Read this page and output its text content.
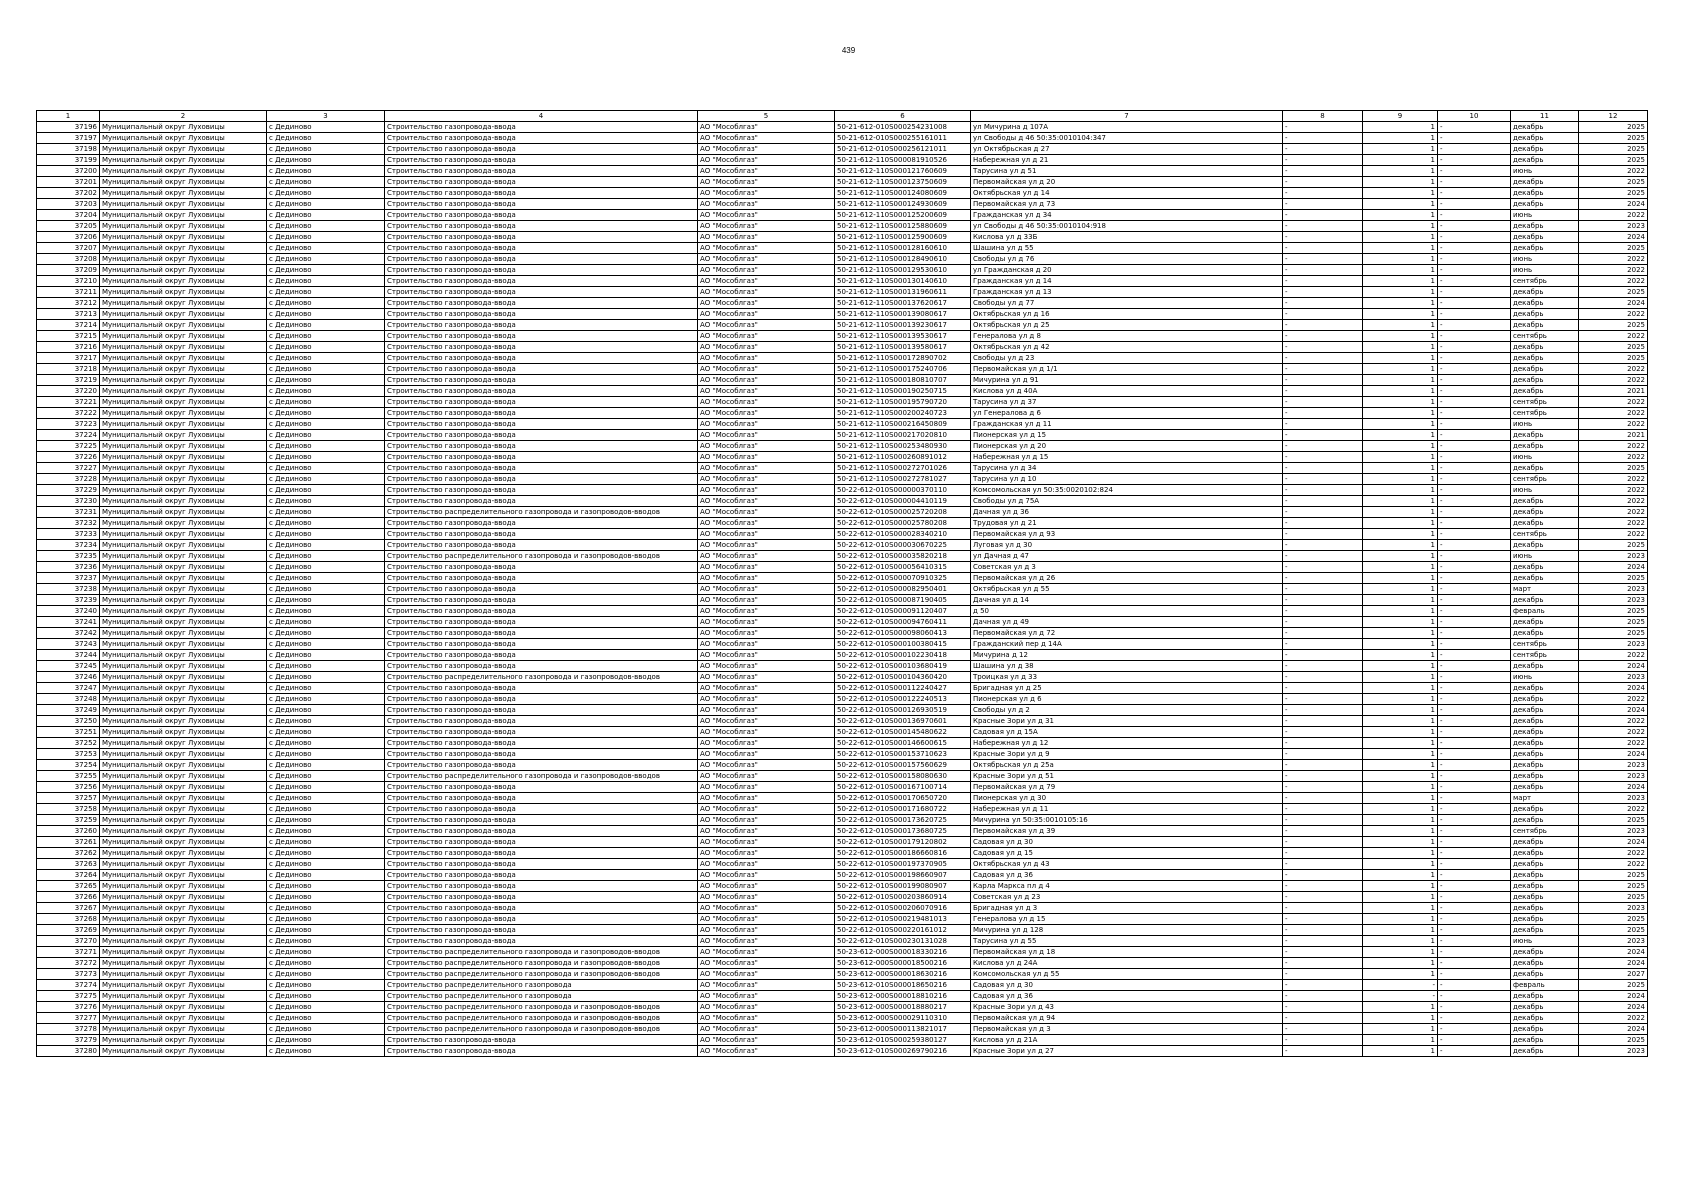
439
1	2	3	4	5	6	7	8	9	10	11	12
37196	Муниципальный округ Луховицы	с Дединово	Строительство газопровода-ввода	АО "Мособлгаз"	50-21-612-010S000254231008	ул Мичурина д 107А	-	1	-	декабрь	2025
37197	Муниципальный округ Луховицы	с Дединово	Строительство газопровода-ввода	АО "Мособлгаз"	50-21-612-010S000255161011	ул Свободы д 46 50:35:0010104:347	-	1	-	декабрь	2025
37198	Муниципальный округ Луховицы	с Дединово	Строительство газопровода-ввода	АО "Мособлгаз"	50-21-612-010S000256121011	ул Октябрьская д 27	-	1	-	декабрь	2025
37199	Муниципальный округ Луховицы	с Дединово	Строительство газопровода-ввода	АО "Мособлгаз"	50-21-612-110S000081910526	Набережная ул д 21	-	1	-	декабрь	2025
37200	Муниципальный округ Луховицы	с Дединово	Строительство газопровода-ввода	АО "Мособлгаз"	50-21-612-110S000121760609	Тарусина ул д 51	-	1	-	июнь	2022
37201	Муниципальный округ Луховицы	с Дединово	Строительство газопровода-ввода	АО "Мособлгаз"	50-21-612-110S000123750609	Первомайская ул д 20	-	1	-	декабрь	2025
37202	Муниципальный округ Луховицы	с Дединово	Строительство газопровода-ввода	АО "Мособлгаз"	50-21-612-110S000124080609	Октябрьская ул д 14	-	1	-	декабрь	2025
37203	Муниципальный округ Луховицы	с Дединово	Строительство газопровода-ввода	АО "Мособлгаз"	50-21-612-110S000124930609	Первомайская ул д 73	-	1	-	декабрь	2024
37204	Муниципальный округ Луховицы	с Дединово	Строительство газопровода-ввода	АО "Мособлгаз"	50-21-612-110S000125200609	Гражданская ул д 34	-	1	-	июнь	2022
37205	Муниципальный округ Луховицы	с Дединово	Строительство газопровода-ввода	АО "Мособлгаз"	50-21-612-110S000125880609	ул Свободы д 46 50:35:0010104:918	-	1	-	декабрь	2023
37206	Муниципальный округ Луховицы	с Дединово	Строительство газопровода-ввода	АО "Мособлгаз"	50-21-612-110S000125900609	Кислова ул д 33Б	-	1	-	декабрь	2024
37207	Муниципальный округ Луховицы	с Дединово	Строительство газопровода-ввода	АО "Мособлгаз"	50-21-612-110S000128160610	Шашина ул д 55	-	1	-	декабрь	2025
37208	Муниципальный округ Луховицы	с Дединово	Строительство газопровода-ввода	АО "Мособлгаз"	50-21-612-110S000128490610	Свободы ул д 76	-	1	-	июнь	2022
37209	Муниципальный округ Луховицы	с Дединово	Строительство газопровода-ввода	АО "Мособлгаз"	50-21-612-110S000129530610	ул Гражданская д 20	-	1	-	июнь	2022
37210	Муниципальный округ Луховицы	с Дединово	Строительство газопровода-ввода	АО "Мособлгаз"	50-21-612-110S000130140610	Гражданская ул д 14	-	1	-	сентябрь	2022
37211	Муниципальный округ Луховицы	с Дединово	Строительство газопровода-ввода	АО "Мособлгаз"	50-21-612-110S000131960611	Гражданская ул д 13	-	1	-	декабрь	2025
37212	Муниципальный округ Луховицы	с Дединово	Строительство газопровода-ввода	АО "Мособлгаз"	50-21-612-110S000137620617	Свободы ул д 77	-	1	-	декабрь	2024
37213	Муниципальный округ Луховицы	с Дединово	Строительство газопровода-ввода	АО "Мособлгаз"	50-21-612-110S000139080617	Октябрьская ул д 16	-	1	-	декабрь	2022
37214	Муниципальный округ Луховицы	с Дединово	Строительство газопровода-ввода	АО "Мособлгаз"	50-21-612-110S000139230617	Октябрьская ул д 25	-	1	-	декабрь	2025
37215	Муниципальный округ Луховицы	с Дединово	Строительство газопровода-ввода	АО "Мособлгаз"	50-21-612-110S000139530617	Генералова ул д 8	-	1	-	сентябрь	2022
37216	Муниципальный округ Луховицы	с Дединово	Строительство газопровода-ввода	АО "Мособлгаз"	50-21-612-110S000139580617	Октябрьская ул д 42	-	1	-	декабрь	2025
37217	Муниципальный округ Луховицы	с Дединово	Строительство газопровода-ввода	АО "Мособлгаз"	50-21-612-110S000172890702	Свободы ул д 23	-	1	-	декабрь	2025
37218	Муниципальный округ Луховицы	с Дединово	Строительство газопровода-ввода	АО "Мособлгаз"	50-21-612-110S000175240706	Первомайская ул д 1/1	-	1	-	декабрь	2022
37219	Муниципальный округ Луховицы	с Дединово	Строительство газопровода-ввода	АО "Мособлгаз"	50-21-612-110S000180810707	Мичурина ул д 91	-	1	-	декабрь	2022
37220	Муниципальный округ Луховицы	с Дединово	Строительство газопровода-ввода	АО "Мособлгаз"	50-21-612-110S000190250715	Кислова ул д 40А	-	1	-	декабрь	2021
37221	Муниципальный округ Луховицы	с Дединово	Строительство газопровода-ввода	АО "Мособлгаз"	50-21-612-110S000195790720	Тарусина ул д 37	-	1	-	сентябрь	2022
37222	Муниципальный округ Луховицы	с Дединово	Строительство газопровода-ввода	АО "Мособлгаз"	50-21-612-110S000200240723	ул Генералова д 6	-	1	-	сентябрь	2022
37223	Муниципальный округ Луховицы	с Дединово	Строительство газопровода-ввода	АО "Мособлгаз"	50-21-612-110S000216450809	Гражданская ул д 11	-	1	-	июнь	2022
37224	Муниципальный округ Луховицы	с Дединово	Строительство газопровода-ввода	АО "Мособлгаз"	50-21-612-110S000217020810	Пионерская ул д 15	-	1	-	декабрь	2021
37225	Муниципальный округ Луховицы	с Дединово	Строительство газопровода-ввода	АО "Мособлгаз"	50-21-612-110S000253480930	Пионерская ул д 20	-	1	-	декабрь	2022
37226	Муниципальный округ Луховицы	с Дединово	Строительство газопровода-ввода	АО "Мособлгаз"	50-21-612-110S000260891012	Набережная ул д 15	-	1	-	июнь	2022
37227	Муниципальный округ Луховицы	с Дединово	Строительство газопровода-ввода	АО "Мособлгаз"	50-21-612-110S000272701026	Тарусина ул д 34	-	1	-	декабрь	2025
37228	Муниципальный округ Луховицы	с Дединово	Строительство газопровода-ввода	АО "Мособлгаз"	50-21-612-110S000272781027	Тарусина ул д 10	-	1	-	сентябрь	2022
37229	Муниципальный округ Луховицы	с Дединово	Строительство газопровода-ввода	АО "Мособлгаз"	50-22-612-010S000000370110	Комсомольская ул 50:35:0020102:824	-	1	-	июнь	2022
37230	Муниципальный округ Луховицы	с Дединово	Строительство газопровода-ввода	АО "Мособлгаз"	50-22-612-010S000004410119	Свободы ул д 75А	-	1	-	декабрь	2022
37231	Муниципальный округ Луховицы	с Дединово	Строительство распределительного газопровода и газопроводов-вводов	АО "Мособлгаз"	50-22-612-010S000025720208	Дачная ул д 36	-	1	-	декабрь	2022
37232	Муниципальный округ Луховицы	с Дединово	Строительство газопровода-ввода	АО "Мособлгаз"	50-22-612-010S000025780208	Трудовая ул д 21	-	1	-	декабрь	2022
37233	Муниципальный округ Луховицы	с Дединово	Строительство газопровода-ввода	АО "Мособлгаз"	50-22-612-010S000028340210	Первомайская ул д 93	-	1	-	сентябрь	2022
37234	Муниципальный округ Луховицы	с Дединово	Строительство газопровода-ввода	АО "Мособлгаз"	50-22-612-010S000030670225	Луговая ул д 30	-	1	-	декабрь	2025
37235	Муниципальный округ Луховицы	с Дединово	Строительство распределительного газопровода и газопроводов-вводов	АО "Мособлгаз"	50-22-612-010S000035820218	ул Дачная д 47	-	1	-	июнь	2023
37236	Муниципальный округ Луховицы	с Дединово	Строительство газопровода-ввода	АО "Мособлгаз"	50-22-612-010S000056410315	Советская ул д 3	-	1	-	декабрь	2024
37237	Муниципальный округ Луховицы	с Дединово	Строительство газопровода-ввода	АО "Мособлгаз"	50-22-612-010S000070910325	Первомайская ул д 26	-	1	-	декабрь	2025
37238	Муниципальный округ Луховицы	с Дединово	Строительство газопровода-ввода	АО "Мособлгаз"	50-22-612-010S000082950401	Октябрьская ул д 55	-	1	-	март	2023
37239	Муниципальный округ Луховицы	с Дединово	Строительство газопровода-ввода	АО "Мособлгаз"	50-22-612-010S000087190405	Дачная ул д 14	-	1	-	декабрь	2023
37240	Муниципальный округ Луховицы	с Дединово	Строительство газопровода-ввода	АО "Мособлгаз"	50-22-612-010S000091120407	д 50	-	1	-	февраль	2025
37241	Муниципальный округ Луховицы	с Дединово	Строительство газопровода-ввода	АО "Мособлгаз"	50-22-612-010S000094760411	Дачная ул д 49	-	1	-	декабрь	2025
37242	Муниципальный округ Луховицы	с Дединово	Строительство газопровода-ввода	АО "Мособлгаз"	50-22-612-010S000098060413	Первомайская ул д 72	-	1	-	декабрь	2025
37243	Муниципальный округ Луховицы	с Дединово	Строительство газопровода-ввода	АО "Мособлгаз"	50-22-612-010S000100380415	Гражданский пер д 14А	-	1	-	сентябрь	2023
37244	Муниципальный округ Луховицы	с Дединово	Строительство газопровода-ввода	АО "Мособлгаз"	50-22-612-010S000102230418	Мичурина д 12	-	1	-	сентябрь	2022
37245	Муниципальный округ Луховицы	с Дединово	Строительство газопровода-ввода	АО "Мособлгаз"	50-22-612-010S000103680419	Шашина ул д 38	-	1	-	декабрь	2024
37246	Муниципальный округ Луховицы	с Дединово	Строительство распределительного газопровода и газопроводов-вводов	АО "Мособлгаз"	50-22-612-010S000104360420	Троицкая ул д 33	-	1	-	июнь	2023
37247	Муниципальный округ Луховицы	с Дединово	Строительство газопровода-ввода	АО "Мособлгаз"	50-22-612-010S000112240427	Бригадная ул д 25	-	1	-	декабрь	2024
37248	Муниципальный округ Луховицы	с Дединово	Строительство газопровода-ввода	АО "Мособлгаз"	50-22-612-010S000122240513	Пионерская ул д 6	-	1	-	декабрь	2022
37249	Муниципальный округ Луховицы	с Дединово	Строительство газопровода-ввода	АО "Мособлгаз"	50-22-612-010S000126930519	Свободы ул д 2	-	1	-	декабрь	2024
37250	Муниципальный округ Луховицы	с Дединово	Строительство газопровода-ввода	АО "Мособлгаз"	50-22-612-010S000136970601	Красные Зори ул д 31	-	1	-	декабрь	2022
37251	Муниципальный округ Луховицы	с Дединово	Строительство газопровода-ввода	АО "Мособлгаз"	50-22-612-010S000145480622	Садовая ул д 15А	-	1	-	декабрь	2022
37252	Муниципальный округ Луховицы	с Дединово	Строительство газопровода-ввода	АО "Мособлгаз"	50-22-612-010S000146600615	Набережная ул д 12	-	1	-	декабрь	2022
37253	Муниципальный округ Луховицы	с Дединово	Строительство газопровода-ввода	АО "Мособлгаз"	50-22-612-010S000153710623	Красные Зори ул д 9	-	1	-	декабрь	2024
37254	Муниципальный округ Луховицы	с Дединово	Строительство газопровода-ввода	АО "Мособлгаз"	50-22-612-010S000157560629	Октябрьская ул д 25а	-	1	-	декабрь	2023
37255	Муниципальный округ Луховицы	с Дединово	Строительство распределительного газопровода и газопроводов-вводов	АО "Мособлгаз"	50-22-612-010S000158080630	Красные Зори ул д 51	-	1	-	декабрь	2023
37256	Муниципальный округ Луховицы	с Дединово	Строительство газопровода-ввода	АО "Мособлгаз"	50-22-612-010S000167100714	Первомайская ул д 79	-	1	-	декабрь	2024
37257	Муниципальный округ Луховицы	с Дединово	Строительство газопровода-ввода	АО "Мособлгаз"	50-22-612-010S000170650720	Пионерская ул д 30	-	1	-	март	2023
37258	Муниципальный округ Луховицы	с Дединово	Строительство газопровода-ввода	АО "Мособлгаз"	50-22-612-010S000171680722	Набережная ул д 11	-	1	-	декабрь	2022
37259	Муниципальный округ Луховицы	с Дединово	Строительство газопровода-ввода	АО "Мособлгаз"	50-22-612-010S000173620725	Мичурина ул 50:35:0010105:16	-	1	-	декабрь	2025
37260	Муниципальный округ Луховицы	с Дединово	Строительство газопровода-ввода	АО "Мособлгаз"	50-22-612-010S000173680725	Первомайская ул д 39	-	1	-	сентябрь	2023
37261	Муниципальный округ Луховицы	с Дединово	Строительство газопровода-ввода	АО "Мособлгаз"	50-22-612-010S000179120802	Садовая ул д 30	-	1	-	декабрь	2024
37262	Муниципальный округ Луховицы	с Дединово	Строительство газопровода-ввода	АО "Мособлгаз"	50-22-612-010S000186660816	Садовая ул д 15	-	1	-	декабрь	2022
37263	Муниципальный округ Луховицы	с Дединово	Строительство газопровода-ввода	АО "Мособлгаз"	50-22-612-010S000197370905	Октябрьская ул д 43	-	1	-	декабрь	2022
37264	Муниципальный округ Луховицы	с Дединово	Строительство газопровода-ввода	АО "Мособлгаз"	50-22-612-010S000198660907	Садовая ул д 36	-	1	-	декабрь	2025
37265	Муниципальный округ Луховицы	с Дединово	Строительство газопровода-ввода	АО "Мособлгаз"	50-22-612-010S000199080907	Карла Маркса пл д 4	-	1	-	декабрь	2025
37266	Муниципальный округ Луховицы	с Дединово	Строительство газопровода-ввода	АО "Мособлгаз"	50-22-612-010S000203860914	Советская ул д 23	-	1	-	декабрь	2025
37267	Муниципальный округ Луховицы	с Дединово	Строительство газопровода-ввода	АО "Мособлгаз"	50-22-612-010S000206070916	Бригадная ул д 3	-	1	-	декабрь	2023
37268	Муниципальный округ Луховицы	с Дединово	Строительство газопровода-ввода	АО "Мособлгаз"	50-22-612-010S000219481013	Генералова ул д 15	-	1	-	декабрь	2025
37269	Муниципальный округ Луховицы	с Дединово	Строительство газопровода-ввода	АО "Мособлгаз"	50-22-612-010S000220161012	Мичурина ул д 128	-	1	-	декабрь	2025
37270	Муниципальный округ Луховицы	с Дединово	Строительство газопровода-ввода	АО "Мособлгаз"	50-22-612-010S000230131028	Тарусина ул д 55	-	1	-	июнь	2023
37271	Муниципальный округ Луховицы	с Дединово	Строительство распределительного газопровода и газопроводов-вводов	АО "Мособлгаз"	50-23-612-000S000018330216	Первомайская ул д 18	-	1	-	декабрь	2024
37272	Муниципальный округ Луховицы	с Дединово	Строительство распределительного газопровода и газопроводов-вводов	АО "Мособлгаз"	50-23-612-000S000018500216	Кислова ул д 24А	-	1	-	декабрь	2024
37273	Муниципальный округ Луховицы	с Дединово	Строительство распределительного газопровода и газопроводов-вводов	АО "Мособлгаз"	50-23-612-000S000018630216	Комсомольская ул д 55	-	1	-	декабрь	2027
37274	Муниципальный округ Луховицы	с Дединово	Строительство распределительного газопровода	АО "Мособлгаз"	50-23-612-010S000018650216	Садовая ул д 30	-	-	-	февраль	2025
37275	Муниципальный округ Луховицы	с Дединово	Строительство распределительного газопровода	АО "Мособлгаз"	50-23-612-000S000018810216	Садовая ул д 36	-	-	-	декабрь	2024
37276	Муниципальный округ Луховицы	с Дединово	Строительство распределительного газопровода и газопроводов-вводов	АО "Мособлгаз"	50-23-612-000S000018880217	Красные Зори ул д 43	-	1	-	декабрь	2024
37277	Муниципальный округ Луховицы	с Дединово	Строительство распределительного газопровода и газопроводов-вводов	АО "Мособлгаз"	50-23-612-000S000029110310	Первомайская ул д 94	-	1	-	декабрь	2022
37278	Муниципальный округ Луховицы	с Дединово	Строительство распределительного газопровода и газопроводов-вводов	АО "Мособлгаз"	50-23-612-000S000113821017	Первомайская ул д 3	-	1	-	декабрь	2024
37279	Муниципальный округ Луховицы	с Дединово	Строительство газопровода-ввода	АО "Мособлгаз"	50-23-612-010S000259380127	Кислова ул д 21А	-	1	-	декабрь	2025
37280	Муниципальный округ Луховицы	с Дединово	Строительство газопровода-ввода	АО "Мособлгаз"	50-23-612-010S000269790216	Красные Зори ул д 27	-	1	-	декабрь	2023
